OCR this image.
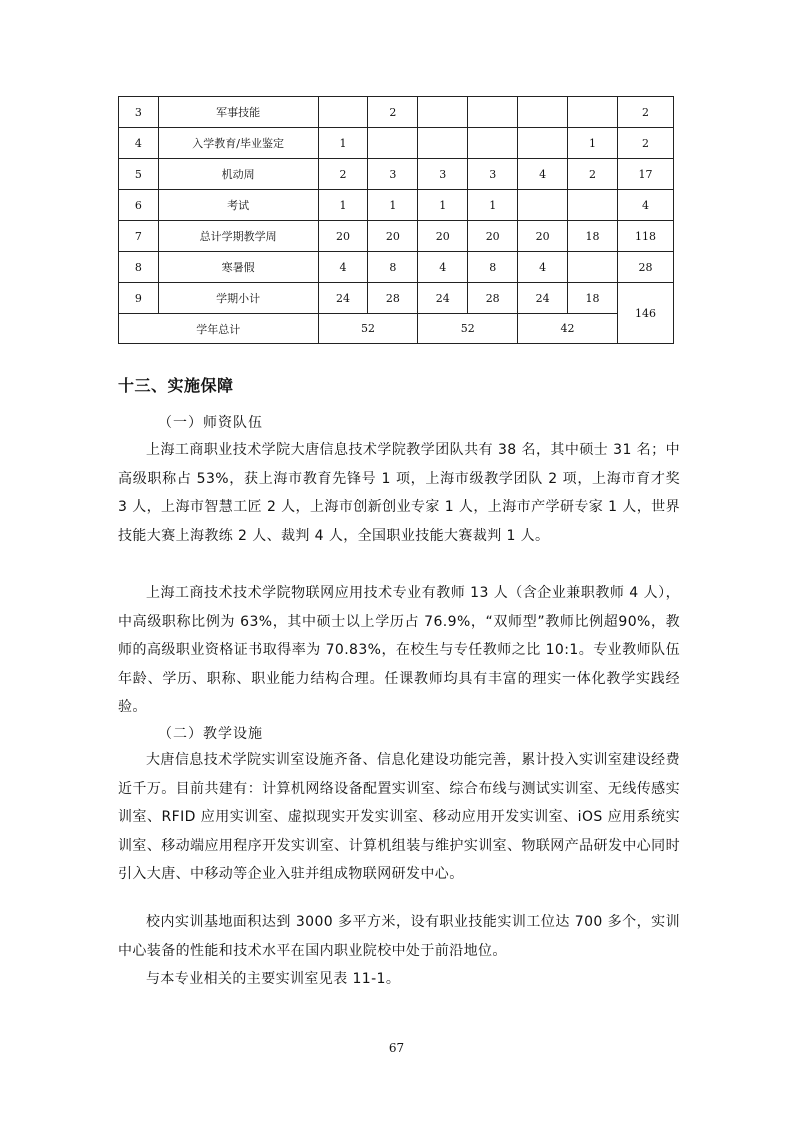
3	军事技能		2					2
4	入学教育/毕业鉴定	1					1	2
5	机动周	2	3	3	3	4	2	17
6	考试	1	1	1	1			4
7	总计学期教学周	20	20	20	20	20	18	118
8	寒暑假	4	8	4	8	4		28
9	学期小计	24	28	24	28	24	18	146
学年总计		52		52		42		
十三、实施保障
（一）师资队伍

上海工商职业技术学院大唐信息技术学院教学团队共有 38 名，其中硕士 31 名；中高级职称占 53%，获上海市教育先锋号 1 项，上海市级教学团队 2 项，上海市育才奖 3 人，上海市智慧工匠 2 人，上海市创新创业专家 1 人，上海市产学研专家 1 人，世界技能大赛上海教练 2 人、裁判 4 人，全国职业技能大赛裁判 1 人。

上海工商技术技术学院物联网应用技术专业有教师 13 人（含企业兼职教师 4 人），中高级职称比例为 63%，其中硕士以上学历占 76.9%，“双师型”教师比例超90%，教师的高级职业资格证书取得率为 70.83%，在校生与专任教师之比 10:1。专业教师队伍年龄、学历、职称、职业能力结构合理。任课教师均具有丰富的理实一体化教学实践经验。

（二）教学设施

大唐信息技术学院实训室设施齐备、信息化建设功能完善，累计投入实训室建设经费近千万。目前共建有：计算机网络设备配置实训室、综合布线与测试实训室、无线传感实训室、RFID 应用实训室、虚拟现实开发实训室、移动应用开发实训室、iOS 应用系统实训室、移动端应用程序开发实训室、计算机组装与维护实训室、物联网产品研发中心同时引入大唐、中移动等企业入驻并组成物联网研发中心。

校内实训基地面积达到 3000 多平方米，设有职业技能实训工位达 700 多个，实训中心装备的性能和技术水平在国内职业院校中处于前沿地位。

与本专业相关的主要实训室见表 11-1。

67
